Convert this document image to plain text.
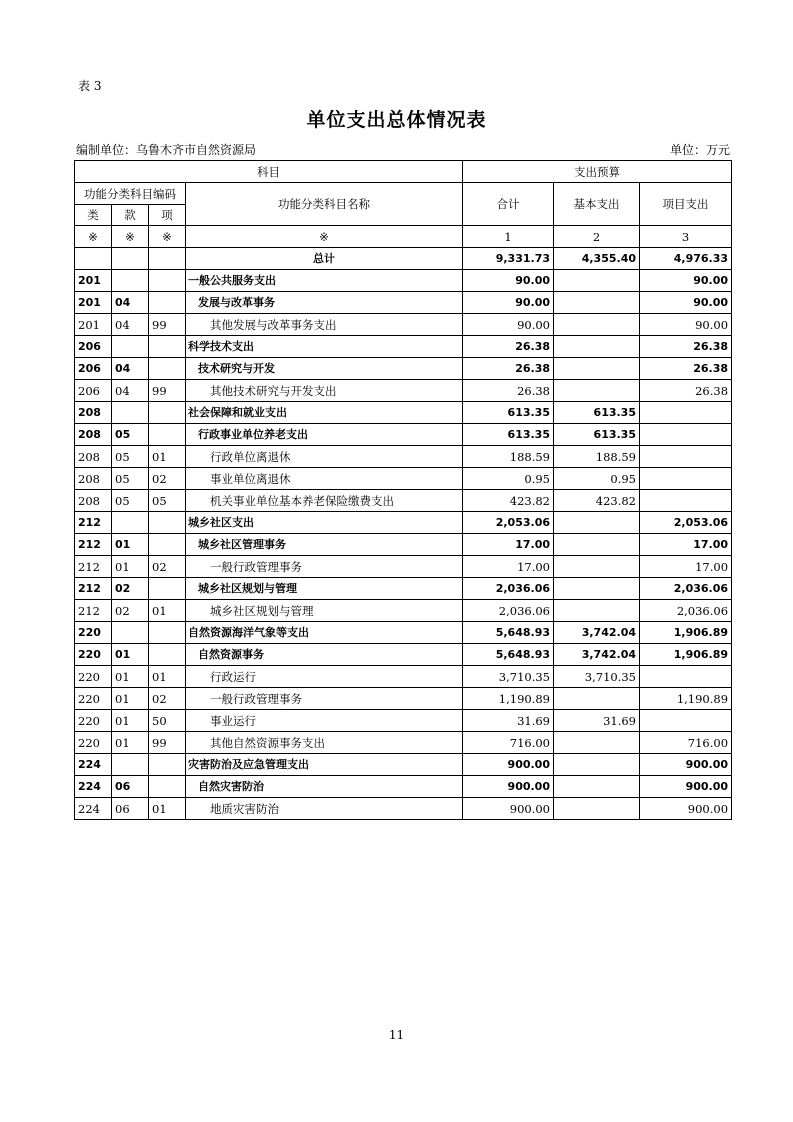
表 3
单位支出总体情况表
编制单位：乌鲁木齐市自然资源局	单位：万元
科目				支出预算		
功能分类科目编码			功能分类科目名称	合计	基本支出	项目支出
类	款	项				
※	※	※	※	1	2	3
			总计	9,331.73	4,355.40	4,976.33
201			一般公共服务支出	90.00		90.00
201	04		发展与改革事务	90.00		90.00
201	04	99	其他发展与改革事务支出	90.00		90.00
206			科学技术支出	26.38		26.38
206	04		技术研究与开发	26.38		26.38
206	04	99	其他技术研究与开发支出	26.38		26.38
208			社会保障和就业支出	613.35	613.35	
208	05		行政事业单位养老支出	613.35	613.35	
208	05	01	行政单位离退休	188.59	188.59	
208	05	02	事业单位离退休	0.95	0.95	
208	05	05	机关事业单位基本养老保险缴费支出	423.82	423.82	
212			城乡社区支出	2,053.06		2,053.06
212	01		城乡社区管理事务	17.00		17.00
212	01	02	一般行政管理事务	17.00		17.00
212	02		城乡社区规划与管理	2,036.06		2,036.06
212	02	01	城乡社区规划与管理	2,036.06		2,036.06
220			自然资源海洋气象等支出	5,648.93	3,742.04	1,906.89
220	01		自然资源事务	5,648.93	3,742.04	1,906.89
220	01	01	行政运行	3,710.35	3,710.35	
220	01	02	一般行政管理事务	1,190.89		1,190.89
220	01	50	事业运行	31.69	31.69	
220	01	99	其他自然资源事务支出	716.00		716.00
224			灾害防治及应急管理支出	900.00		900.00
224	06		自然灾害防治	900.00		900.00
224	06	01	地质灾害防治	900.00		900.00
11
